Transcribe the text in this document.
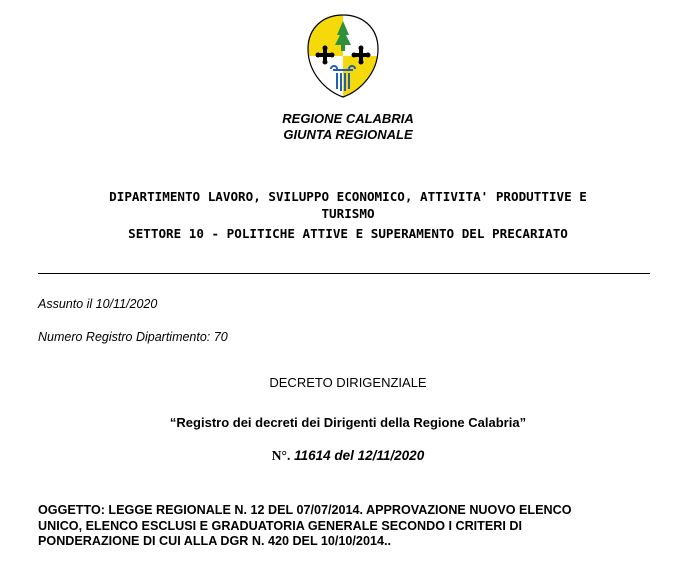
REGIONE CALABRIA
GIUNTA REGIONALE
DIPARTIMENTO LAVORO, SVILUPPO ECONOMICO, ATTIVITA' PRODUTTIVE E
TURISMO
SETTORE 10 - POLITICHE ATTIVE E SUPERAMENTO DEL PRECARIATO
Assunto il 10/11/2020
Numero Registro Dipartimento: 70
DECRETO DIRIGENZIALE
“Registro dei decreti dei Dirigenti della Regione Calabria”
N°. 11614 del 12/11/2020
OGGETTO: LEGGE REGIONALE N. 12 DEL 07/07/2014. APPROVAZIONE NUOVO ELENCO
UNICO, ELENCO ESCLUSI E GRADUATORIA GENERALE SECONDO I CRITERI DI
PONDERAZIONE DI CUI ALLA DGR N. 420 DEL 10/10/2014..
